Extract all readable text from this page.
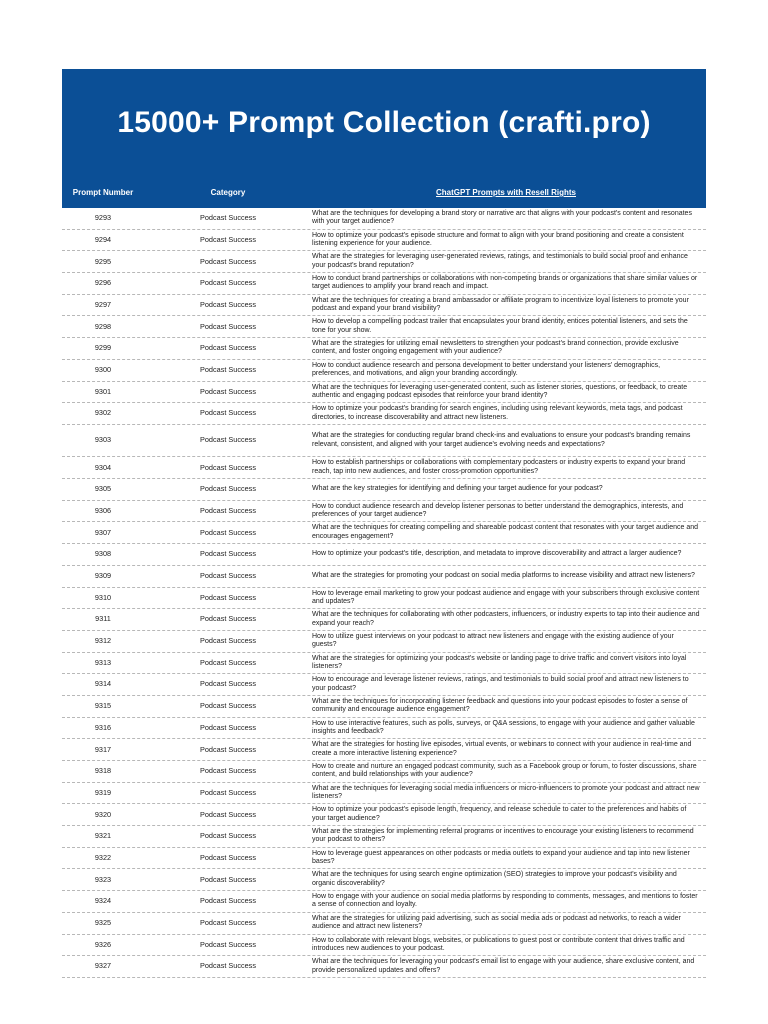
15000+ Prompt Collection (crafti.pro)
Prompt Number	Category	ChatGPT Prompts with Resell Rights
9293	Podcast Success	What are the techniques for developing a brand story or narrative arc that aligns with your podcast's content and resonates with your target audience?
9294	Podcast Success	How to optimize your podcast's episode structure and format to align with your brand positioning and create a consistent listening experience for your audience.
9295	Podcast Success	What are the strategies for leveraging user-generated reviews, ratings, and testimonials to build social proof and enhance your podcast's brand reputation?
9296	Podcast Success	How to conduct brand partnerships or collaborations with non-competing brands or organizations that share similar values or target audiences to amplify your brand reach and impact.
9297	Podcast Success	What are the techniques for creating a brand ambassador or affiliate program to incentivize loyal listeners to promote your podcast and expand your brand visibility?
9298	Podcast Success	How to develop a compelling podcast trailer that encapsulates your brand identity, entices potential listeners, and sets the tone for your show.
9299	Podcast Success	What are the strategies for utilizing email newsletters to strengthen your podcast's brand connection, provide exclusive content, and foster ongoing engagement with your audience?
9300	Podcast Success	How to conduct audience research and persona development to better understand your listeners' demographics, preferences, and motivations, and align your branding accordingly.
9301	Podcast Success	What are the techniques for leveraging user-generated content, such as listener stories, questions, or feedback, to create authentic and engaging podcast episodes that reinforce your brand identity?
9302	Podcast Success	How to optimize your podcast's branding for search engines, including using relevant keywords, meta tags, and podcast directories, to increase discoverability and attract new listeners.
9303	Podcast Success	What are the strategies for conducting regular brand check-ins and evaluations to ensure your podcast's branding remains relevant, consistent, and aligned with your target audience's evolving needs and expectations?
9304	Podcast Success	How to establish partnerships or collaborations with complementary podcasters or industry experts to expand your brand reach, tap into new audiences, and foster cross-promotion opportunities?
9305	Podcast Success	What are the key strategies for identifying and defining your target audience for your podcast?
9306	Podcast Success	How to conduct audience research and develop listener personas to better understand the demographics, interests, and preferences of your target audience?
9307	Podcast Success	What are the techniques for creating compelling and shareable podcast content that resonates with your target audience and encourages engagement?
9308	Podcast Success	How to optimize your podcast's title, description, and metadata to improve discoverability and attract a larger audience?
9309	Podcast Success	What are the strategies for promoting your podcast on social media platforms to increase visibility and attract new listeners?
9310	Podcast Success	How to leverage email marketing to grow your podcast audience and engage with your subscribers through exclusive content and updates?
9311	Podcast Success	What are the techniques for collaborating with other podcasters, influencers, or industry experts to tap into their audience and expand your reach?
9312	Podcast Success	How to utilize guest interviews on your podcast to attract new listeners and engage with the existing audience of your guests?
9313	Podcast Success	What are the strategies for optimizing your podcast's website or landing page to drive traffic and convert visitors into loyal listeners?
9314	Podcast Success	How to encourage and leverage listener reviews, ratings, and testimonials to build social proof and attract new listeners to your podcast?
9315	Podcast Success	What are the techniques for incorporating listener feedback and questions into your podcast episodes to foster a sense of community and encourage audience engagement?
9316	Podcast Success	How to use interactive features, such as polls, surveys, or Q&A sessions, to engage with your audience and gather valuable insights and feedback?
9317	Podcast Success	What are the strategies for hosting live episodes, virtual events, or webinars to connect with your audience in real-time and create a more interactive listening experience?
9318	Podcast Success	How to create and nurture an engaged podcast community, such as a Facebook group or forum, to foster discussions, share content, and build relationships with your audience?
9319	Podcast Success	What are the techniques for leveraging social media influencers or micro-influencers to promote your podcast and attract new listeners?
9320	Podcast Success	How to optimize your podcast's episode length, frequency, and release schedule to cater to the preferences and habits of your target audience?
9321	Podcast Success	What are the strategies for implementing referral programs or incentives to encourage your existing listeners to recommend your podcast to others?
9322	Podcast Success	How to leverage guest appearances on other podcasts or media outlets to expand your audience and tap into new listener bases?
9323	Podcast Success	What are the techniques for using search engine optimization (SEO) strategies to improve your podcast's visibility and organic discoverability?
9324	Podcast Success	How to engage with your audience on social media platforms by responding to comments, messages, and mentions to foster a sense of connection and loyalty.
9325	Podcast Success	What are the strategies for utilizing paid advertising, such as social media ads or podcast ad networks, to reach a wider audience and attract new listeners?
9326	Podcast Success	How to collaborate with relevant blogs, websites, or publications to guest post or contribute content that drives traffic and introduces new audiences to your podcast.
9327	Podcast Success	What are the techniques for leveraging your podcast's email list to engage with your audience, share exclusive content, and provide personalized updates and offers?
